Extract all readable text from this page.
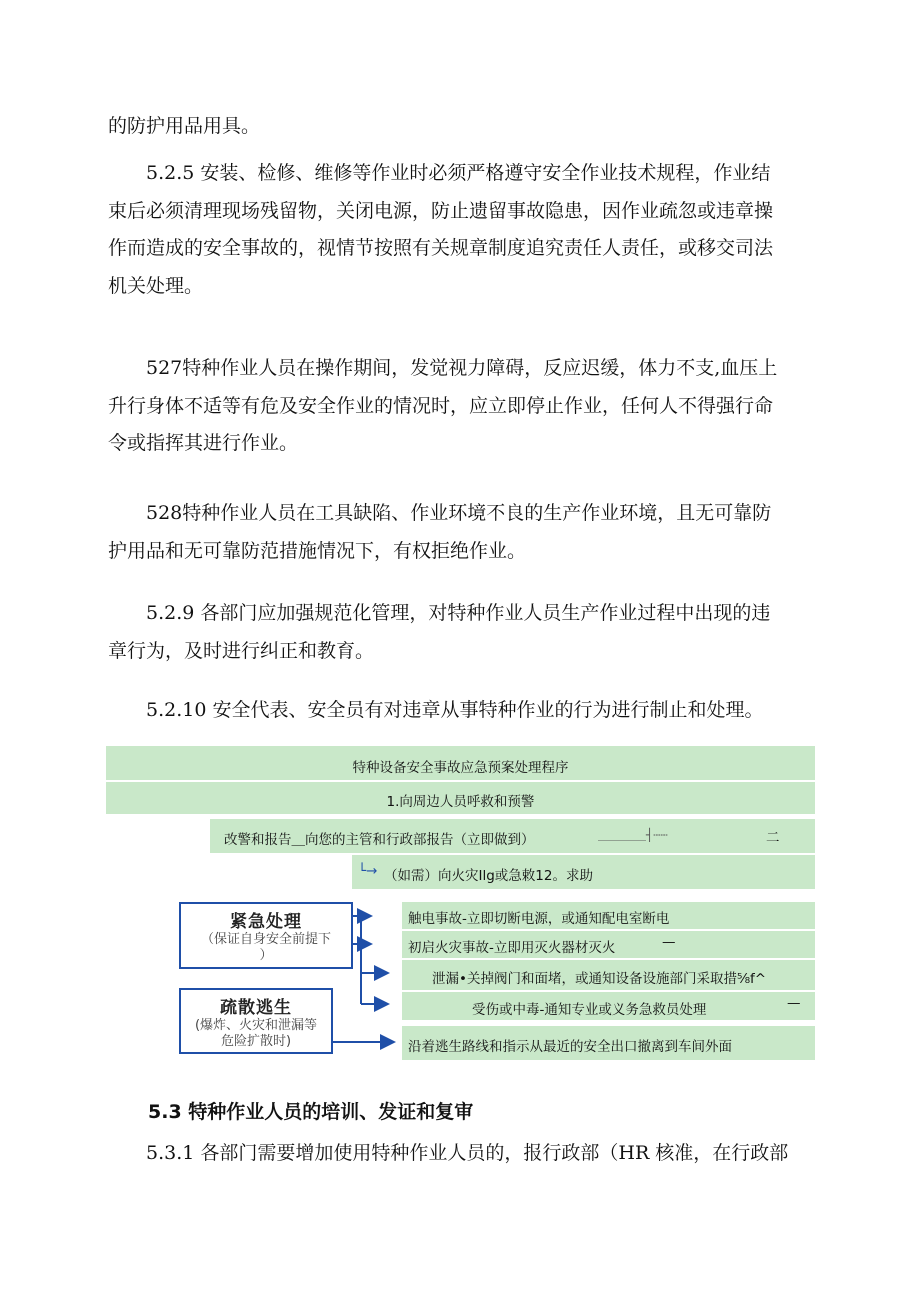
的防护用品用具。

　　5.2.5 安装、检修、维修等作业时必须严格遵守安全作业技术规程，作业结
束后必须清理现场残留物，关闭电源，防止遗留事故隐患，因作业疏忽或违章操
作而造成的安全事故的，视情节按照有关规章制度追究责任人责任，或移交司法
机关处理。

　　527特种作业人员在操作期间，发觉视力障碍，反应迟缓，体力不支,血压上
升行身体不适等有危及安全作业的情况时，应立即停止作业，任何人不得强行命
令或指挥其进行作业。

　　528特种作业人员在工具缺陷、作业环境不良的生产作业环境，且无可靠防
护用品和无可靠防范措施情况下，有权拒绝作业。

　　5.2.9 各部门应加强规范化管理，对特种作业人员生产作业过程中出现的违
章行为，及时进行纠正和教育。

　　5.2.10 安全代表、安全员有对违章从事特种作业的行为进行制止和处理。

特种设备安全事故应急预案处理程序
1.向周边人员呼救和预警
改警和报告＿向您的主管和行政部报告（立即做到）	＿＿＿＿┤┄┄	二
└→ （如需）向火灾Ilg或急敕12。求助
触电事故-立即切断电源，或通知配电室断电
初启火灾事故-立即用灭火器材灭火	—
泄漏•关掉阀门和面堵，或通知设备设施部门采取措⅝f^
受伤或中毒-通知专业或义务急救员处理	—
沿着逃生路线和指示从最近的安全出口撤离到车间外面
紧急处理
（保证自身安全前提下
）
疏散逃生
(爆炸、火灾和泄漏等
危险扩散时)
5.3 特种作业人员的培训、发证和复审

　　5.3.1 各部门需要增加使用特种作业人员的，报行政部（HR 核准，在行政部
